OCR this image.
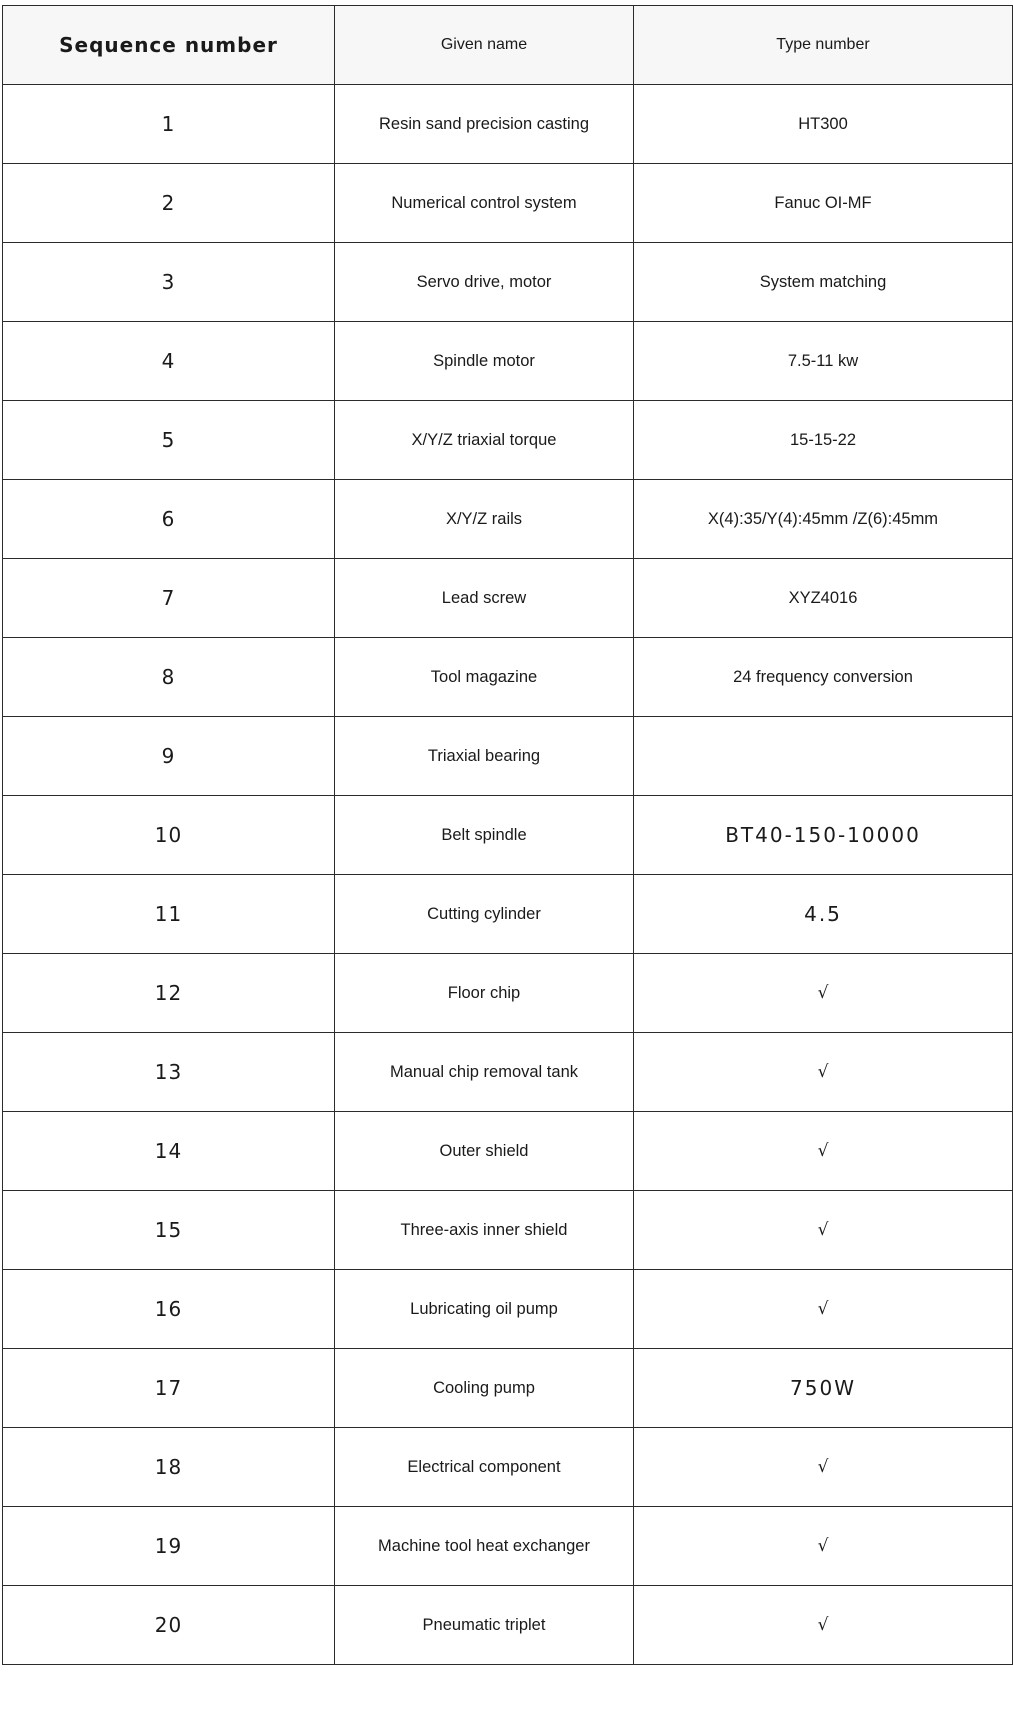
Sequence number	Given name	Type number
1	Resin sand precision casting	HT300
2	Numerical control system	Fanuc OI-MF
3	Servo drive, motor	System matching
4	Spindle motor	7.5-11 kw
5	X/Y/Z triaxial torque	15-15-22
6	X/Y/Z rails	X(4):35/Y(4):45mm /Z(6):45mm
7	Lead screw	XYZ4016
8	Tool magazine	24 frequency conversion
9	Triaxial bearing	
10	Belt spindle	BT40-150-10000
11	Cutting cylinder	4.5
12	Floor chip	√
13	Manual chip removal tank	√
14	Outer shield	√
15	Three-axis inner shield	√
16	Lubricating oil pump	√
17	Cooling pump	750W
18	Electrical component	√
19	Machine tool heat exchanger	√
20	Pneumatic triplet	√
